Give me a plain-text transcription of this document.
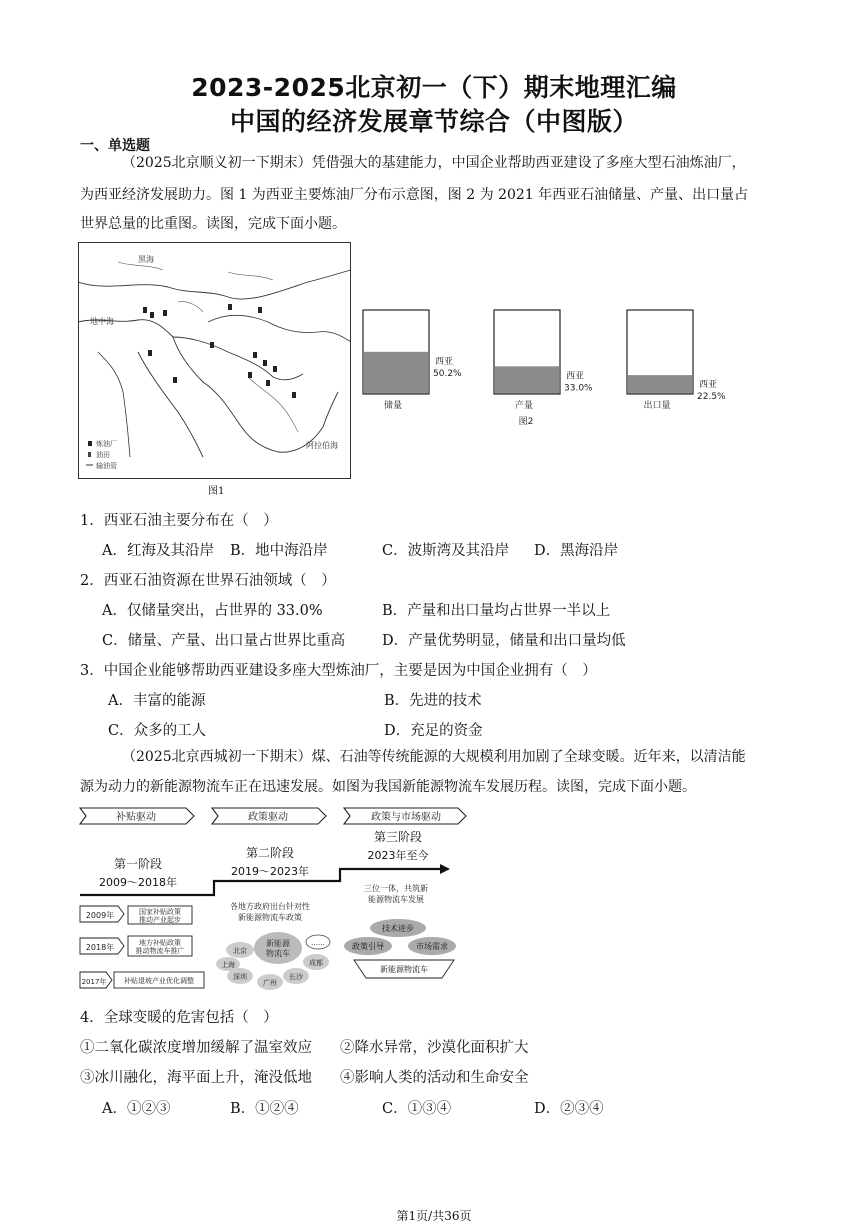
2023-2025北京初一（下）期末地理汇编
中国的经济发展章节综合（中图版）
一、单选题
（2025北京顺义初一下期末）凭借强大的基建能力，中国企业帮助西亚建设了多座大型石油炼油厂，
为西亚经济发展助力。图 1 为西亚主要炼油厂分布示意图，图 2 为 2021 年西亚石油储量、产量、出口量占
世界总量的比重图。读图，完成下面小题。
黑海
地中海
阿拉伯海
炼油厂
油田
输油管
图1
西亚
50.2%
储量
西亚
33.0%
产量
西亚
22.5%
出口量
图2
1．西亚石油主要分布在（　）
A．红海及其沿岸 B．地中海沿岸	C．波斯湾及其沿岸 D．黑海沿岸
2．西亚石油资源在世界石油领域（　）
A．仅储量突出，占世界的 33.0%	B．产量和出口量均占世界一半以上
C．储量、产量、出口量占世界比重高	D．产量优势明显，储量和出口量均低
3．中国企业能够帮助西亚建设多座大型炼油厂，主要是因为中国企业拥有（　）
A．丰富的能源	B．先进的技术
C．众多的工人	D．充足的资金
（2025北京西城初一下期末）煤、石油等传统能源的大规模利用加剧了全球变暖。近年来，以清洁能
源为动力的新能源物流车正在迅速发展。如图为我国新能源物流车发展历程。读图，完成下面小题。
补贴驱动	政策驱动	政策与市场驱动
第一阶段
2009～2018年
第二阶段
2019～2023年
第三阶段
2023年至今
2009年	国家补贴政策
推动产业起步
2018年	地方补贴政策
推动物流车推广
2017年	补贴退坡产业优化调整
各地方政府出台针对性
新能源物流车政策
新能源
物流车
北京
长沙
成都
深圳
广州
上海
……
三位一体，共筑新
能源物流车发展
技术进步
政策引导	市场需求
新能源物流车
4．全球变暖的危害包括（　）
①二氧化碳浓度增加缓解了温室效应 ②降水异常，沙漠化面积扩大
③冰川融化，海平面上升，淹没低地 ④影响人类的活动和生命安全
A．①②③	B．①②④	C．①③④	D．②③④
第1页/共36页
